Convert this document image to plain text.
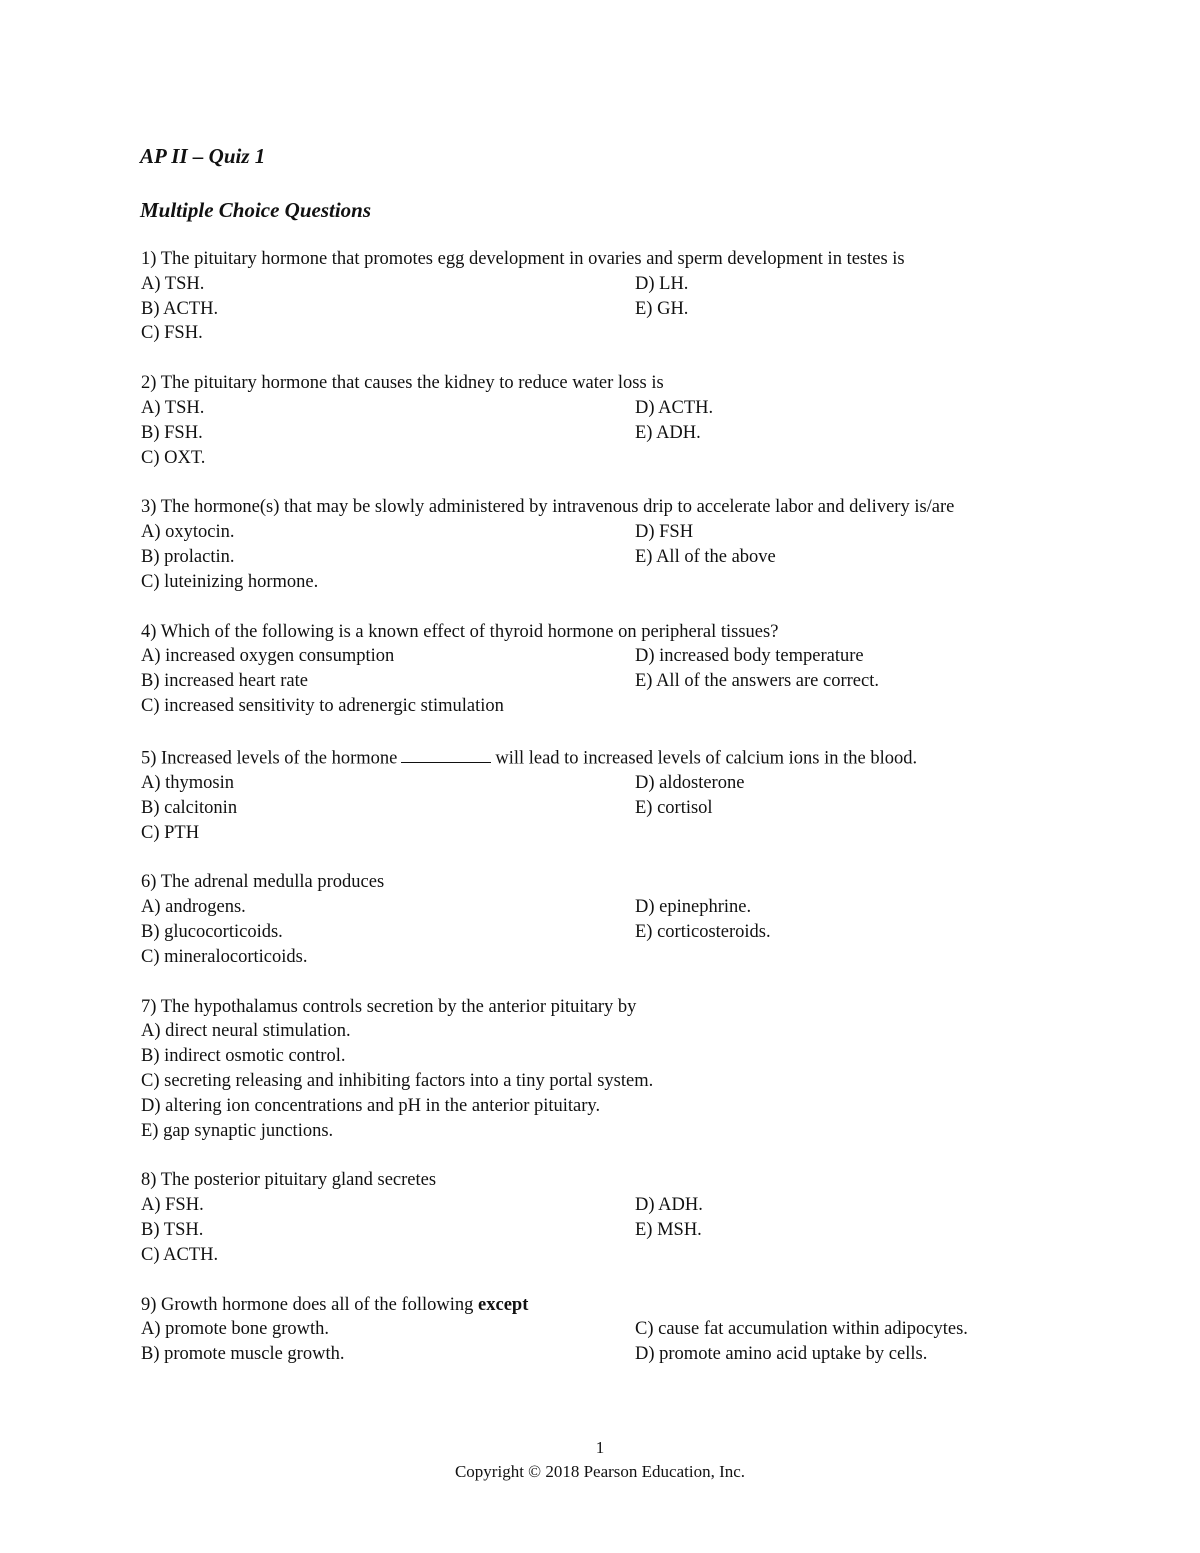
AP II – Quiz 1
Multiple Choice Questions
1) The pituitary hormone that promotes egg development in ovaries and sperm development in testes is
A) TSH.	D) LH.
B) ACTH.	E) GH.
C) FSH.
2) The pituitary hormone that causes the kidney to reduce water loss is
A) TSH.	D) ACTH.
B) FSH.	E) ADH.
C) OXT.
3) The hormone(s) that may be slowly administered by intravenous drip to accelerate labor and delivery is/are
A) oxytocin.	D) FSH
B) prolactin.	E) All of the above
C) luteinizing hormone.
4) Which of the following is a known effect of thyroid hormone on peripheral tissues?
A) increased oxygen consumption	D) increased body temperature
B) increased heart rate	E) All of the answers are correct.
C) increased sensitivity to adrenergic stimulation
5) Increased levels of the hormone	will lead to increased levels of calcium ions in the blood.
A) thymosin	D) aldosterone
B) calcitonin	E) cortisol
C) PTH
6) The adrenal medulla produces
A) androgens.	D) epinephrine.
B) glucocorticoids.	E) corticosteroids.
C) mineralocorticoids.
7) The hypothalamus controls secretion by the anterior pituitary by
A) direct neural stimulation.
B) indirect osmotic control.
C) secreting releasing and inhibiting factors into a tiny portal system.
D) altering ion concentrations and pH in the anterior pituitary.
E) gap synaptic junctions.
8) The posterior pituitary gland secretes
A) FSH.	D) ADH.
B) TSH.	E) MSH.
C) ACTH.
9) Growth hormone does all of the following except
A) promote bone growth.	C) cause fat accumulation within adipocytes.
B) promote muscle growth.	D) promote amino acid uptake by cells.
1
Copyright © 2018 Pearson Education, Inc.
